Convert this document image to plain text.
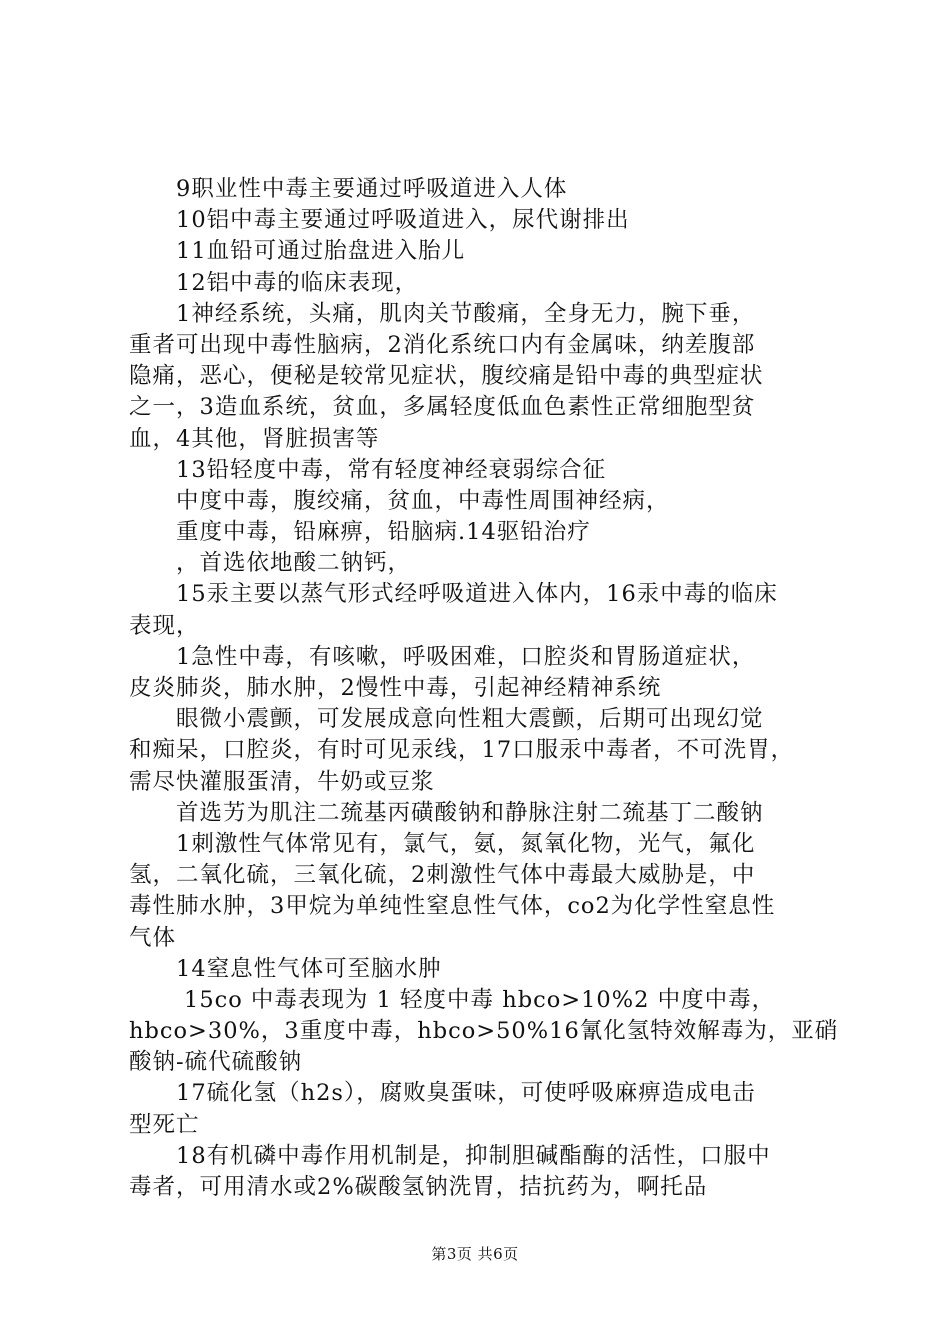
9职业性中毒主要通过呼吸道进入人体
10铝中毒主要通过呼吸道进入，尿代谢排出
11血铅可通过胎盘进入胎儿
12铝中毒的临床表现，
1神经系统，头痛，肌肉关节酸痛，全身无力，腕下垂，
重者可出现中毒性脑病，2消化系统口内有金属味，纳差腹部
隐痛，恶心，便秘是较常见症状，腹绞痛是铅中毒的典型症状
之一，3造血系统，贫血，多属轻度低血色素性正常细胞型贫
血，4其他，肾脏损害等
13铅轻度中毒，常有轻度神经衰弱综合征
中度中毒，腹绞痛，贫血，中毒性周围神经病，
重度中毒，铅麻痹，铅脑病.14驱铅治疗
，首选依地酸二钠钙，
15汞主要以蒸气形式经呼吸道进入体内，16汞中毒的临床
表现，
1急性中毒，有咳嗽，呼吸困难，口腔炎和胃肠道症状，
皮炎肺炎，肺水肿，2慢性中毒，引起神经精神系统
眼微小震颤，可发展成意向性粗大震颤，后期可出现幻觉
和痴呆，口腔炎，有时可见汞线，17口服汞中毒者，不可洗胃，
需尽快灌服蛋清，牛奶或豆浆
首选艻为肌注二巯基丙磺酸钠和静脉注射二巯基丁二酸钠
1刺激性气体常见有，氯气，氨，氮氧化物，光气，氟化
氢，二氧化硫，三氧化硫，2刺激性气体中毒最大威胁是，中
毒性肺水肿，3甲烷为单纯性窒息性气体，co2为化学性窒息性
气体
14窒息性气体可至脑水肿
15co 中毒表现为 1 轻度中毒 hbco>10%2 中度中毒，
hbco>30%，3重度中毒，hbco>50%16氰化氢特效解毒为，亚硝
酸钠-硫代硫酸钠
17硫化氢（h2s），腐败臭蛋味，可使呼吸麻痹造成电击
型死亡
18有机磷中毒作用机制是，抑制胆碱酯酶的活性，口服中
毒者，可用清水或2%碳酸氢钠洗胃，拮抗药为，啊托品
第3页 共6页
